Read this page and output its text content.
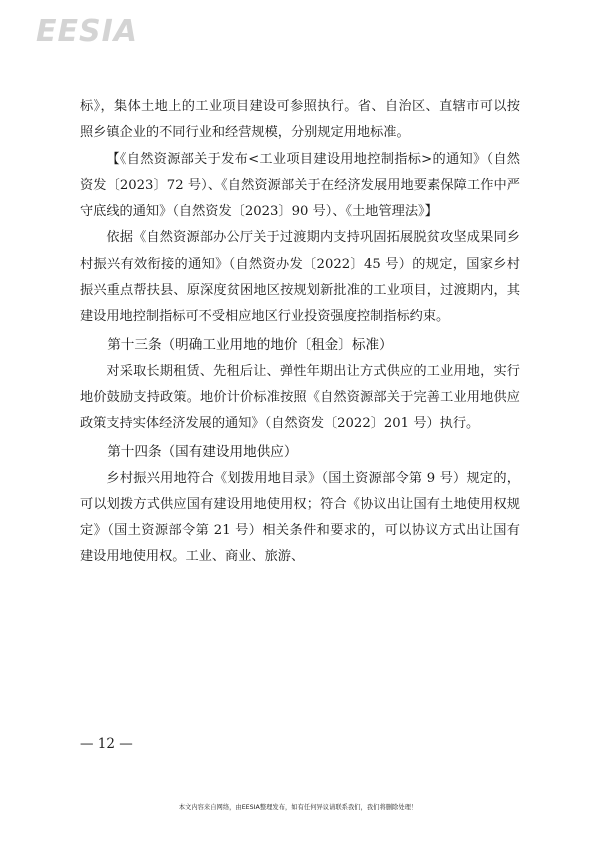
EESIA

标》，集体土地上的工业项目建设可参照执行。省、自治区、直辖市可以按照乡镇企业的不同行业和经营规模，分别规定用地标准。

【《自然资源部关于发布<工业项目建设用地控制指标>的通知》（自然资发〔2023〕72 号）、《自然资源部关于在经济发展用地要素保障工作中严守底线的通知》（自然资发〔2023〕90 号）、《土地管理法》】

依据《自然资源部办公厅关于过渡期内支持巩固拓展脱贫攻坚成果同乡村振兴有效衔接的通知》（自然资办发〔2022〕45 号）的规定，国家乡村振兴重点帮扶县、原深度贫困地区按规划新批准的工业项目，过渡期内，其建设用地控制指标可不受相应地区行业投资强度控制指标约束。

第十三条（明确工业用地的地价〔租金〕标准）

对采取长期租赁、先租后让、弹性年期出让方式供应的工业用地，实行地价鼓励支持政策。地价计价标准按照《自然资源部关于完善工业用地供应政策支持实体经济发展的通知》（自然资发〔2022〕201 号）执行。

第十四条（国有建设用地供应）

乡村振兴用地符合《划拨用地目录》（国土资源部令第 9 号）规定的，可以划拨方式供应国有建设用地使用权；符合《协议出让国有土地使用权规定》（国土资源部令第 21 号）相关条件和要求的，可以协议方式出让国有建设用地使用权。工业、商业、旅游、

— 12 —
本文内容来自网络，由EESIA整理发布，如有任何异议请联系我们，我们将删除处理！
